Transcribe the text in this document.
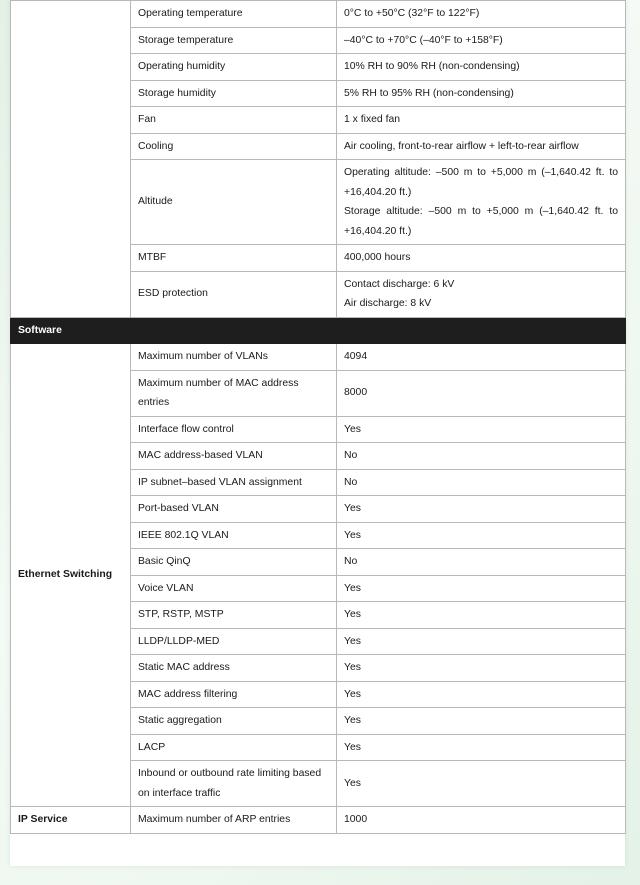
	Operating temperature	0°C to +50°C (32°F to 122°F)
	Storage temperature	–40°C to +70°C (–40°F to +158°F)
	Operating humidity	10% RH to 90% RH (non-condensing)
	Storage humidity	5% RH to 95% RH (non-condensing)
	Fan	1 x fixed fan
	Cooling	Air cooling, front-to-rear airflow + left-to-rear airflow
	Altitude	Operating altitude: –500 m to +5,000 m (–1,640.42 ft. to +16,404.20 ft.)
Storage altitude: –500 m to +5,000 m (–1,640.42 ft. to +16,404.20 ft.)

	MTBF	400,000 hours
	ESD protection	Contact discharge: 6 kV
Air discharge: 8 kV

Software		
Ethernet Switching	Maximum number of VLANs	4094
	Maximum number of MAC address entries	8000
	Interface flow control	Yes
	MAC address-based VLAN	No
	IP subnet–based VLAN assignment	No
	Port-based VLAN	Yes
	IEEE 802.1Q VLAN	Yes
	Basic QinQ	No
	Voice VLAN	Yes
	STP, RSTP, MSTP	Yes
	LLDP/LLDP-MED	Yes
	Static MAC address	Yes
	MAC address filtering	Yes
	Static aggregation	Yes
	LACP	Yes
	Inbound or outbound rate limiting based on interface traffic	Yes
IP Service	Maximum number of ARP entries	1000
